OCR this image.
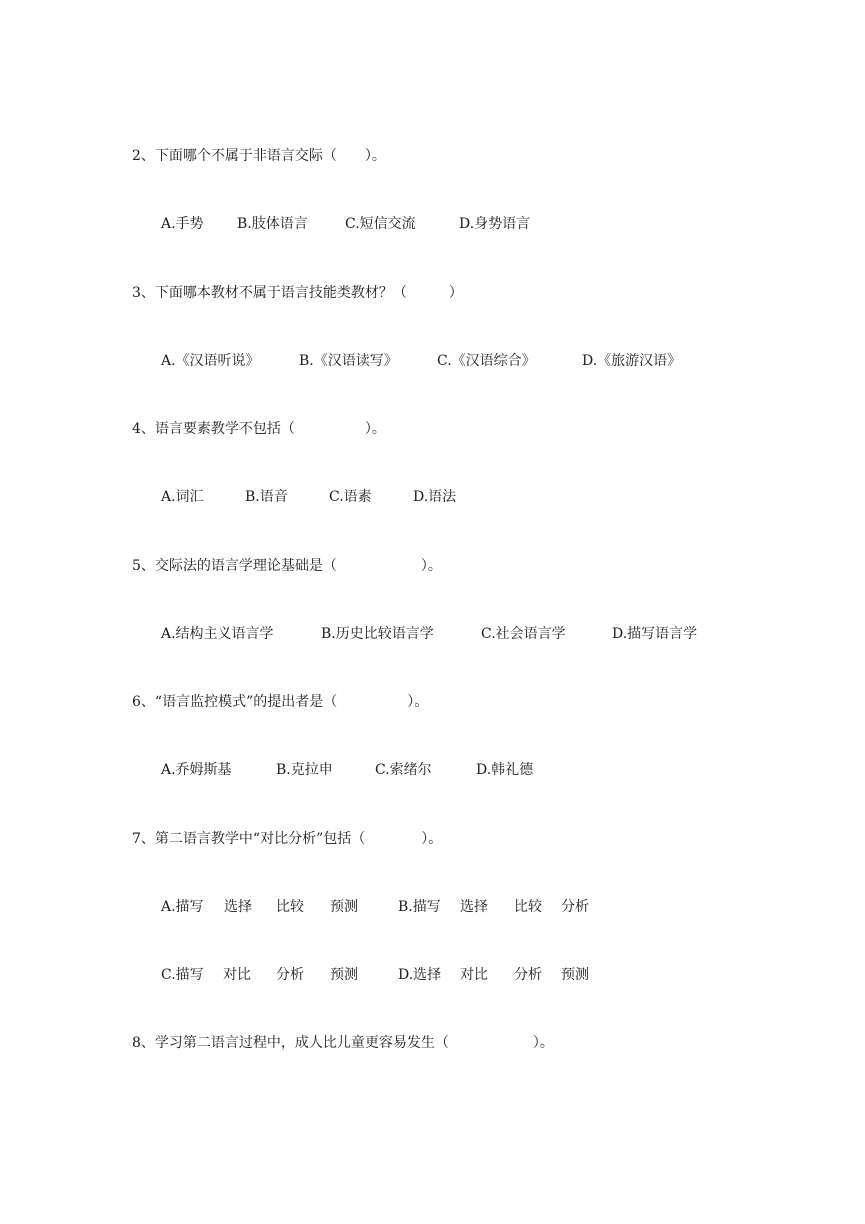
2、下面哪个不属于非语言交际（　　）。

A.手势

B.肢体语言

	C.短信交流

	D.身势语言

3、下面哪本教材不属于语言技能类教材？（　　　）

A.《汉语听说》

	B.《汉语读写》

	C.《汉语综合》

	D.《旅游汉语》

4、语言要素教学不包括（　　　　　）。

A.词汇

	B.语音

	C.语素

	D.语法

5、交际法的语言学理论基础是（　　　　　　）。

A.结构主义语言学

	B.历史比较语言学

	C.社会语言学

	D.描写语言学

6、“语言监控模式”的提出者是（　　　　　）。

A.乔姆斯基

	B.克拉申

	C.索绪尔

	D.韩礼德

7、第二语言教学中“对比分析”包括（　　　　）。

A.描写

选择

比较

预测

	B.描写

选择

比较

分析

C.描写

对比

分析

预测

	D.选择

对比

分析

预测

8、学习第二语言过程中，成人比儿童更容易发生（　　　　　　）。
